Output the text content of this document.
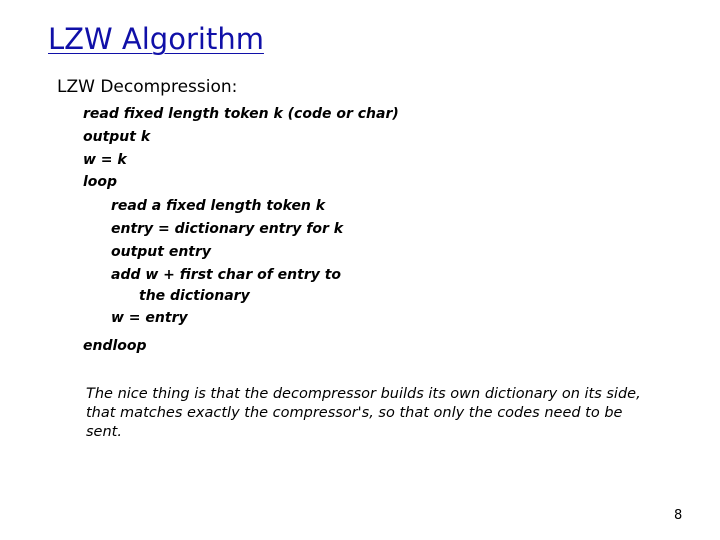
LZW Algorithm
LZW Decompression:
read fixed length token k (code or char)
output k
w = k
loop
read a fixed length token k
entry = dictionary entry for k
output entry
add w + first char of entry to
the dictionary
w = entry
endloop

The nice thing is that the decompressor builds its own dictionary on its side, that matches exactly the compressor's, so that only the codes need to be sent.

8
